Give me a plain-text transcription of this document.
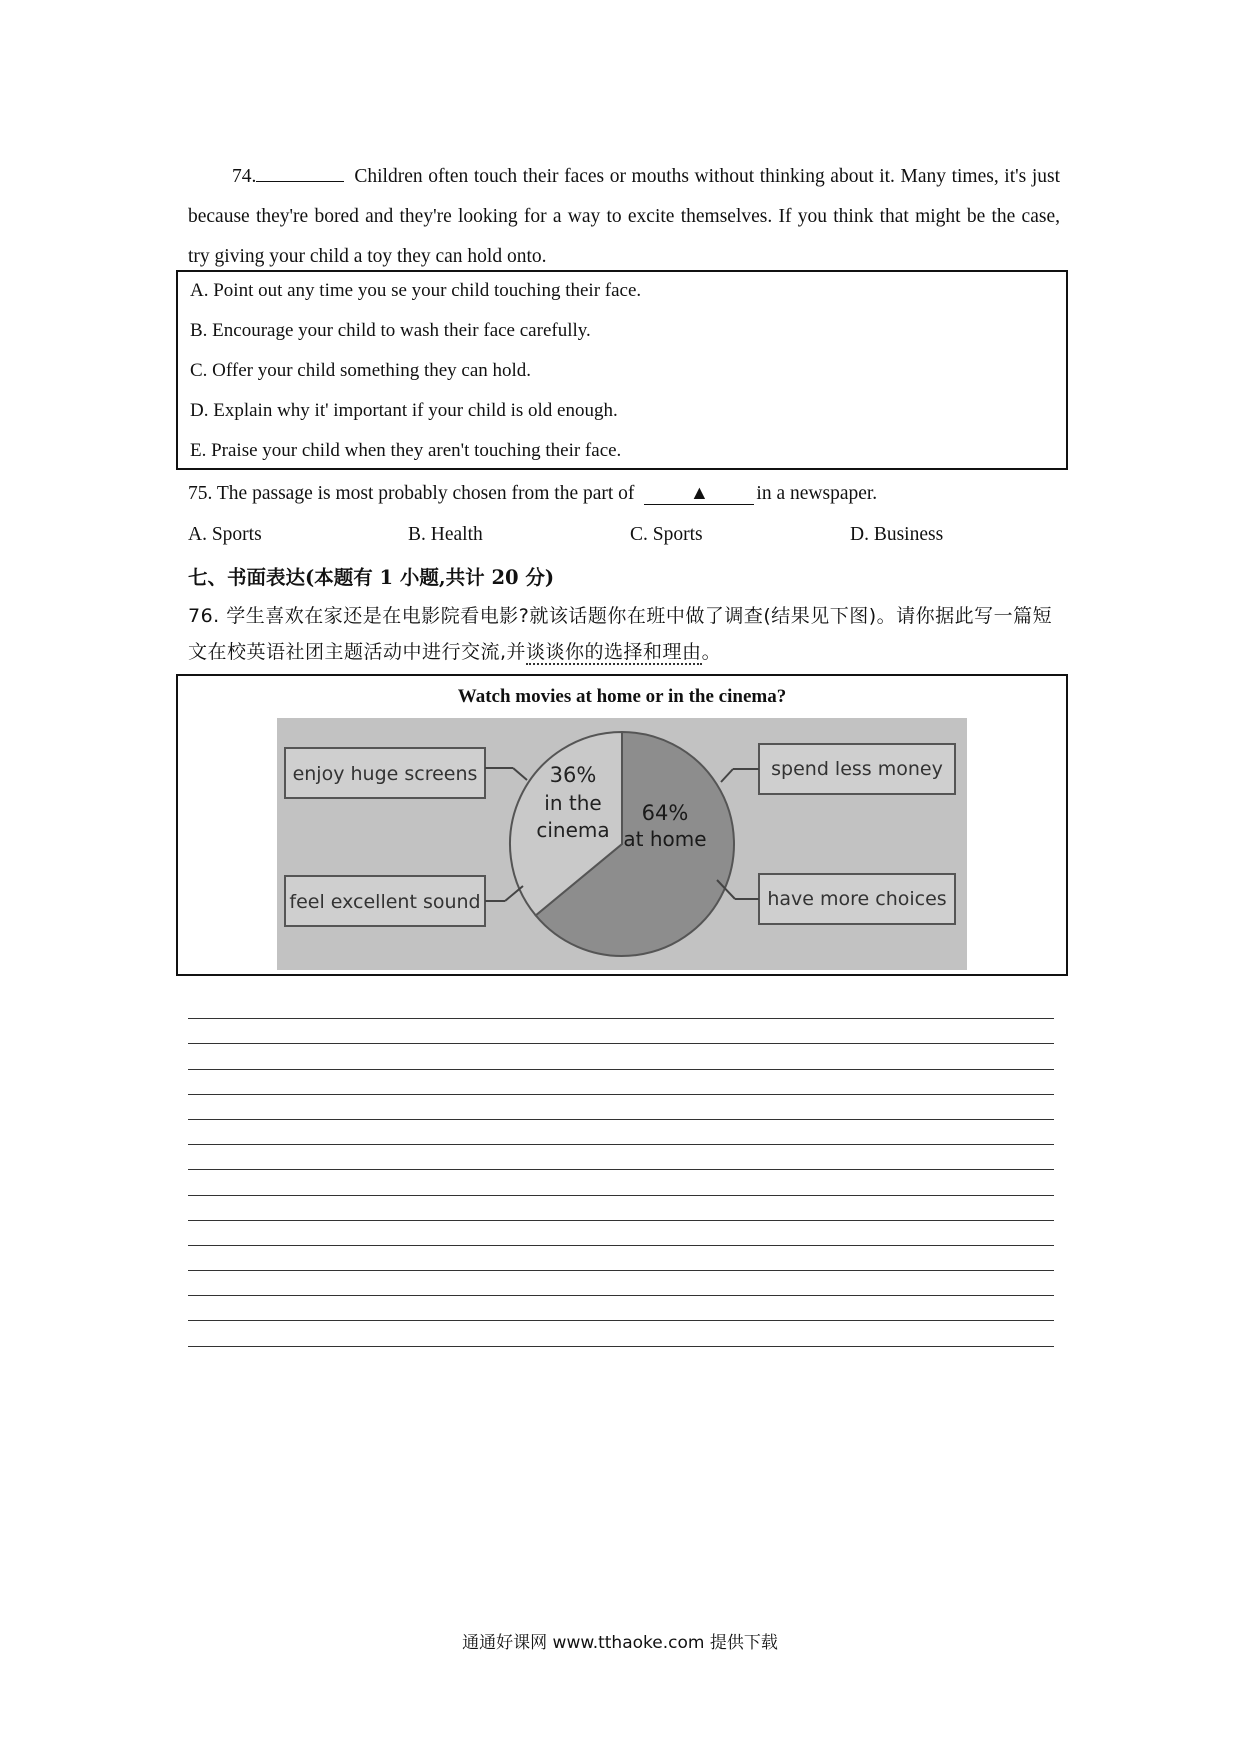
74.	Children often touch their faces or mouths without thinking about it. Many times, it's just because they're bored and they're looking for a way to excite themselves. If you think that might be the case, try giving your child a toy they can hold onto.
A. Point out any time you se your child touching their face.
B. Encourage your child to wash their face carefully.
C. Offer your child something they can hold.
D. Explain why it' important if your child is old enough.
E. Praise your child when they aren't touching their face.
75. The passage is most probably chosen from the part of	▲ in a newspaper.
A. Sports	B. Health	C. Sports	D. Business
七、书面表达(本题有 1 小题,共计 20 分)
76. 学生喜欢在家还是在电影院看电影?就该话题你在班中做了调查(结果见下图)。请你据此写一篇短文在校英语社团主题活动中进行交流,并谈谈你的选择和理由。
Watch movies at home or in the cinema?
enjoy huge screens
feel excellent sound
spend less money
have more choices
36%
in the
cinema
64%
at home
通通好课网 www.tthaoke.com 提供下载
